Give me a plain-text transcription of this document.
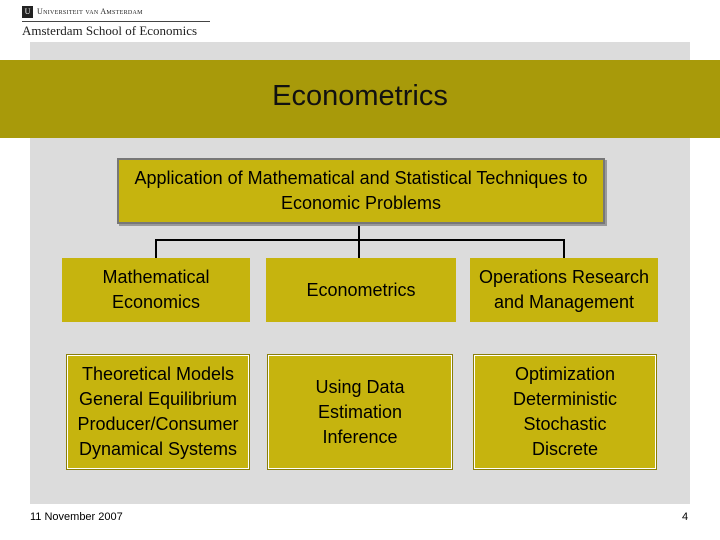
U Universiteit van Amsterdam
Amsterdam School of Economics
Econometrics
Application of Mathematical and Statistical Techniques to
Economic Problems
Mathematical
Economics
Econometrics
Operations Research
and Management
Theoretical Models
General Equilibrium
Producer/Consumer
Dynamical Systems
Using Data
Estimation
Inference
Optimization
Deterministic
Stochastic
Discrete
11 November 2007	4
